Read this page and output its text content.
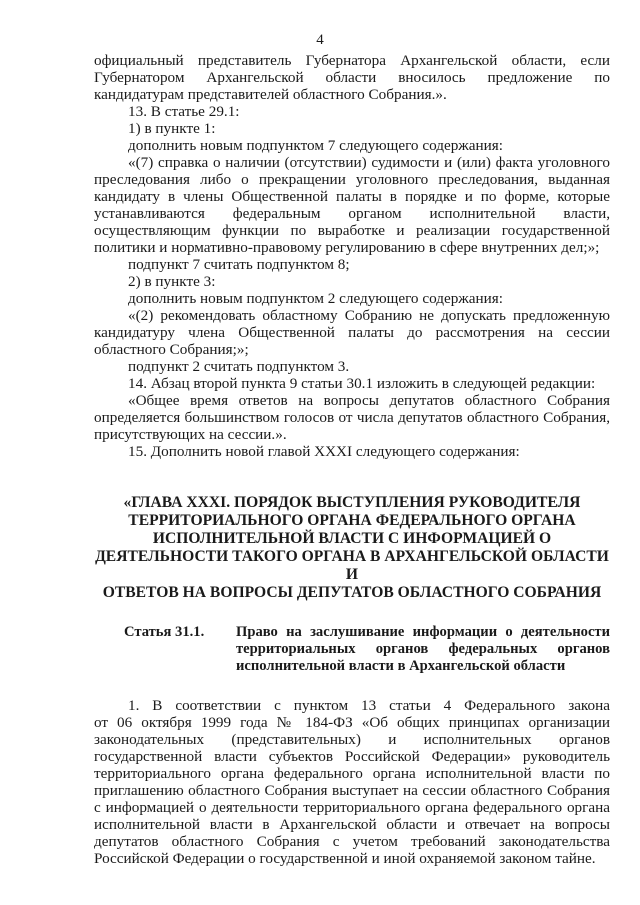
4

официальный представитель Губернатора Архангельской области, если

Губернатором Архангельской области вносилось предложение по

кандидатурам представителей областного Собрания.».

13. В статье 29.1:

1) в пункте 1:

дополнить новым подпунктом 7 следующего содержания:

«(7) справка о наличии (отсутствии) судимости и (или) факта уголовного

преследования либо о прекращении уголовного преследования, выданная

кандидату в члены Общественной палаты в порядке и по форме, которые

устанавливаются федеральным органом исполнительной власти,

осуществляющим функции по выработке и реализации государственной

политики и нормативно-правовому регулированию в сфере внутренних дел;»;

подпункт 7 считать подпунктом 8;

2) в пункте 3:

дополнить новым подпунктом 2 следующего содержания:

«(2) рекомендовать областному Собранию не допускать предложенную

кандидатуру члена Общественной палаты до рассмотрения на сессии

областного Собрания;»;

подпункт 2 считать подпунктом 3.

14. Абзац второй пункта 9 статьи 30.1 изложить в следующей редакции:

«Общее время ответов на вопросы депутатов областного Собрания

определяется большинством голосов от числа депутатов областного Собрания,

присутствующих на сессии.».

15. Дополнить новой главой XXXI следующего содержания:

«ГЛАВА XXXI. ПОРЯДОК ВЫСТУПЛЕНИЯ РУКОВОДИТЕЛЯ
ТЕРРИТОРИАЛЬНОГО ОРГАНА ФЕДЕРАЛЬНОГО ОРГАНА
ИСПОЛНИТЕЛЬНОЙ ВЛАСТИ С ИНФОРМАЦИЕЙ О
ДЕЯТЕЛЬНОСТИ ТАКОГО ОРГАНА В АРХАНГЕЛЬСКОЙ ОБЛАСТИ И
ОТВЕТОВ НА ВОПРОСЫ ДЕПУТАТОВ ОБЛАСТНОГО СОБРАНИЯ
Статья 31.1.	Право на заслушивание информации о деятельности
территориальных органов федеральных органов
исполнительной власти в Архангельской области

1. В соответствии с пунктом 13 статьи 4 Федерального закона

от 06 октября 1999 года № 184-ФЗ «Об общих принципах организации

законодательных (представительных) и исполнительных органов

государственной власти субъектов Российской Федерации» руководитель

территориального органа федерального органа исполнительной власти по

приглашению областного Собрания выступает на сессии областного Собрания

с информацией о деятельности территориального органа федерального органа

исполнительной власти в Архангельской области и отвечает на вопросы

депутатов областного Собрания с учетом требований законодательства

Российской Федерации о государственной и иной охраняемой законом тайне.
